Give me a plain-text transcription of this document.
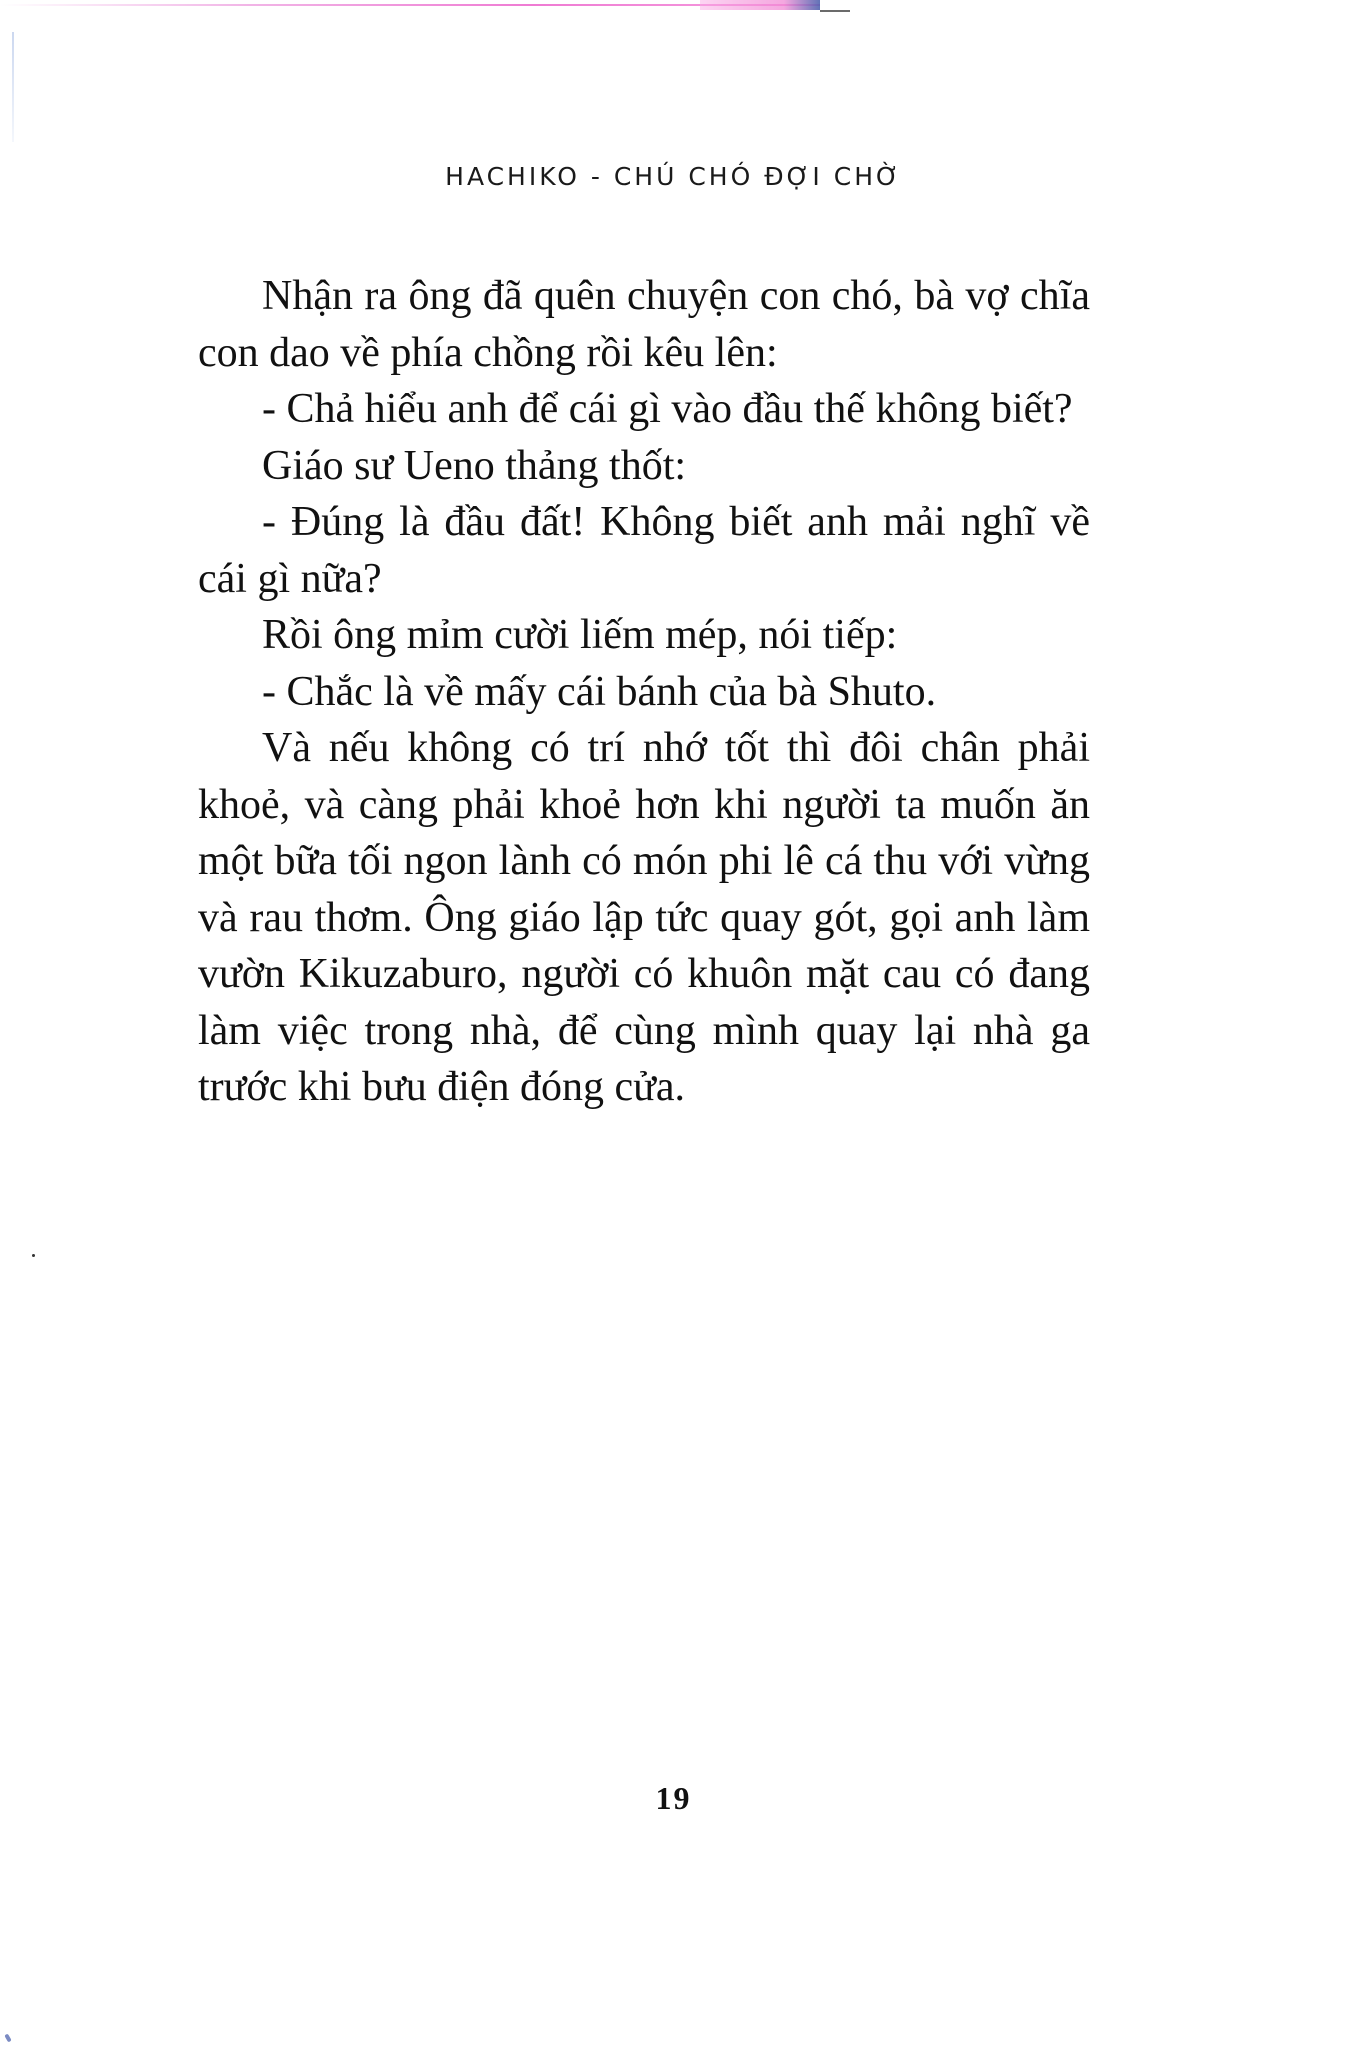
HACHIKO - CHÚ CHÓ ĐỢI CHỜ

Nhận ra ông đã quên chuyện con chó, bà vợ chĩa con dao về phía chồng rồi kêu lên:

- Chả hiểu anh để cái gì vào đầu thế không biết?

Giáo sư Ueno thảng thốt:

- Đúng là đầu đất! Không biết anh mải nghĩ về cái gì nữa?

Rồi ông mỉm cười liếm mép, nói tiếp:

- Chắc là về mấy cái bánh của bà Shuto.

Và nếu không có trí nhớ tốt thì đôi chân phải khoẻ, và càng phải khoẻ hơn khi người ta muốn ăn một bữa tối ngon lành có món phi lê cá thu với vừng và rau thơm. Ông giáo lập tức quay gót, gọi anh làm vườn Kikuzaburo, người có khuôn mặt cau có đang làm việc trong nhà, để cùng mình quay lại nhà ga trước khi bưu điện đóng cửa.

19
